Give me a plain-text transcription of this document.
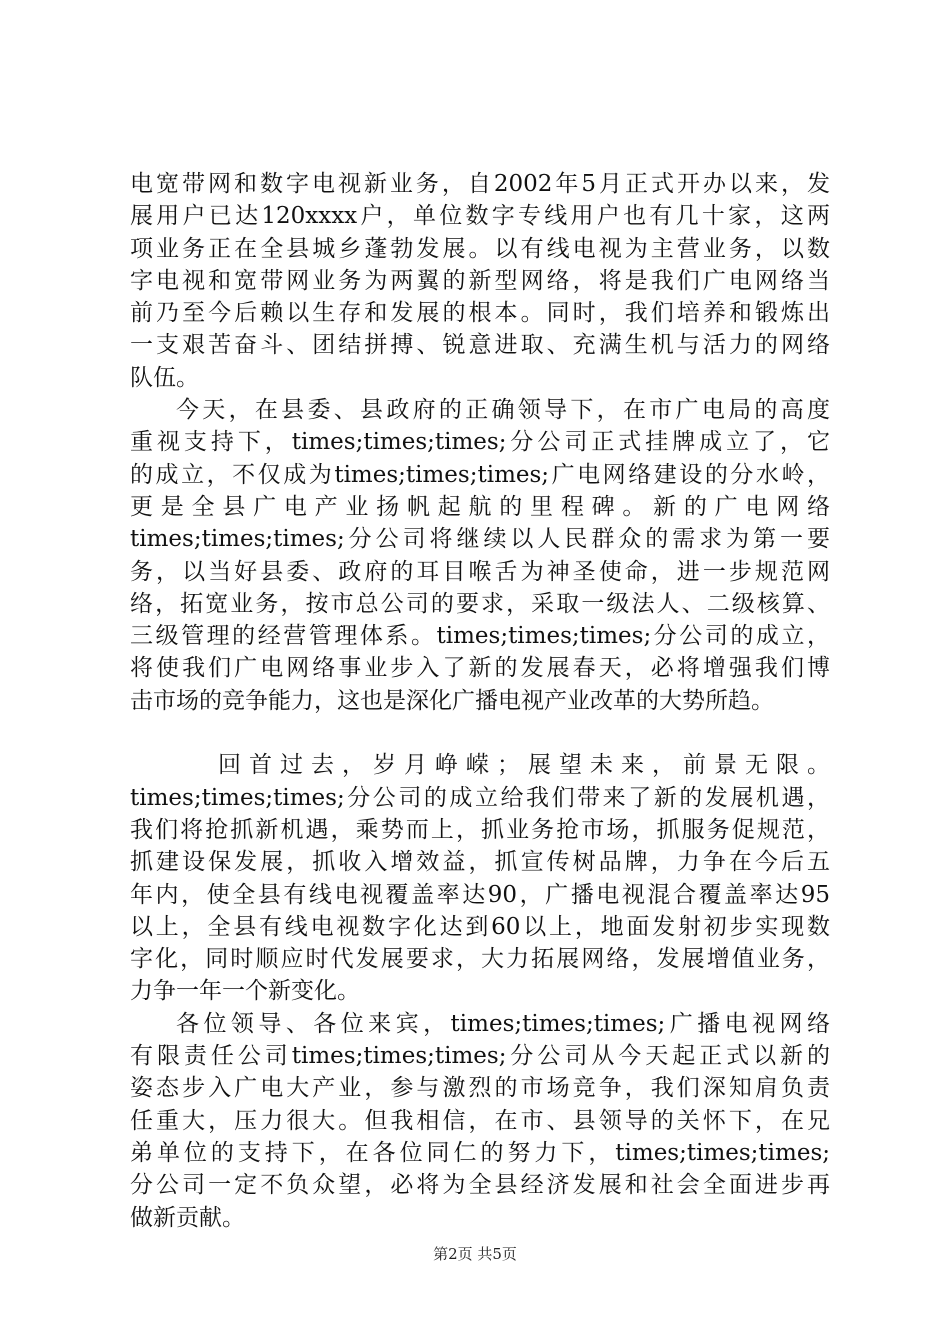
电宽带网和数字电视新业务，自2002年5月正式开办以来，发
展用户已达120xxxx户，单位数字专线用户也有几十家，这两
项业务正在全县城乡蓬勃发展。以有线电视为主营业务，以数
字电视和宽带网业务为两翼的新型网络，将是我们广电网络当
前乃至今后赖以生存和发展的根本。同时，我们培养和锻炼出
一支艰苦奋斗、团结拼搏、锐意进取、充满生机与活力的网络
队伍。
今天，在县委、县政府的正确领导下，在市广电局的高度
重视支持下，times;times;times;分公司正式挂牌成立了，它
的成立，不仅成为times;times;times;广电网络建设的分水岭，
更是全县广电产业扬帆起航的里程碑。新的广电网络
times;times;times;分公司将继续以人民群众的需求为第一要
务，以当好县委、政府的耳目喉舌为神圣使命，进一步规范网
络，拓宽业务，按市总公司的要求，采取一级法人、二级核算、
三级管理的经营管理体系。times;times;times;分公司的成立，
将使我们广电网络事业步入了新的发展春天，必将增强我们博
击市场的竞争能力，这也是深化广播电视产业改革的大势所趋。
回首过去，岁月峥嵘；展望未来，前景无限。
times;times;times;分公司的成立给我们带来了新的发展机遇，
我们将抢抓新机遇，乘势而上，抓业务抢市场，抓服务促规范，
抓建设保发展，抓收入增效益，抓宣传树品牌，力争在今后五
年内，使全县有线电视覆盖率达90，广播电视混合覆盖率达95
以上，全县有线电视数字化达到60以上，地面发射初步实现数
字化，同时顺应时代发展要求，大力拓展网络，发展增值业务，
力争一年一个新变化。
各位领导、各位来宾，times;times;times;广播电视网络
有限责任公司times;times;times;分公司从今天起正式以新的
姿态步入广电大产业，参与激烈的市场竞争，我们深知肩负责
任重大，压力很大。但我相信，在市、县领导的关怀下，在兄
弟单位的支持下，在各位同仁的努力下，times;times;times;
分公司一定不负众望，必将为全县经济发展和社会全面进步再
做新贡献。
第2页 共5页
